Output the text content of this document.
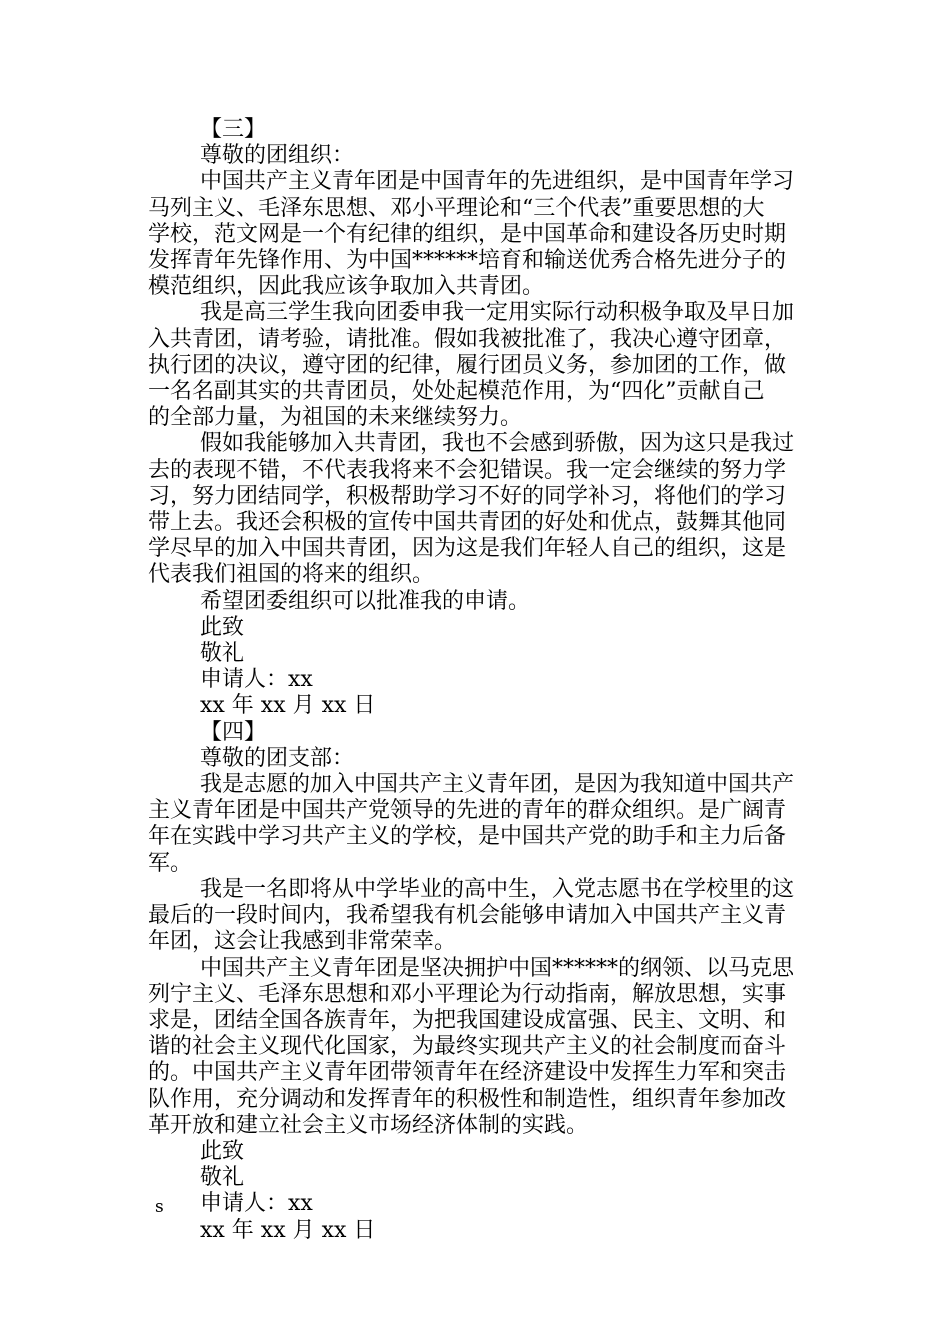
【三】

尊敬的团组织：

中国共产主义青年团是中国青年的先进组织，是中国青年学习
马列主义、毛泽东思想、邓小平理论和“三个代表”重要思想的大
学校，范文网是一个有纪律的组织，是中国革命和建设各历史时期
发挥青年先锋作用、为中国******培育和输送优秀合格先进分子的
模范组织，因此我应该争取加入共青团。

我是高三学生我向团委申我一定用实际行动积极争取及早日加
入共青团，请考验，请批准。假如我被批准了，我决心遵守团章，
执行团的决议，遵守团的纪律，履行团员义务，参加团的工作，做
一名名副其实的共青团员，处处起模范作用，为“四化”贡献自己
的全部力量，为祖国的未来继续努力。

假如我能够加入共青团，我也不会感到骄傲，因为这只是我过
去的表现不错，不代表我将来不会犯错误。我一定会继续的努力学
习，努力团结同学，积极帮助学习不好的同学补习，将他们的学习
带上去。我还会积极的宣传中国共青团的好处和优点，鼓舞其他同
学尽早的加入中国共青团，因为这是我们年轻人自己的组织，这是
代表我们祖国的将来的组织。

希望团委组织可以批准我的申请。

此致

敬礼

申请人：xx

xx 年 xx 月 xx 日

【四】

尊敬的团支部：

我是志愿的加入中国共产主义青年团，是因为我知道中国共产
主义青年团是中国共产党领导的先进的青年的群众组织。是广阔青
年在实践中学习共产主义的学校，是中国共产党的助手和主力后备
军。

我是一名即将从中学毕业的高中生，入党志愿书在学校里的这
最后的一段时间内，我希望我有机会能够申请加入中国共产主义青
年团，这会让我感到非常荣幸。

中国共产主义青年团是坚决拥护中国******的纲领、以马克思
列宁主义、毛泽东思想和邓小平理论为行动指南，解放思想，实事
求是，团结全国各族青年，为把我国建设成富强、民主、文明、和
谐的社会主义现代化国家，为最终实现共产主义的社会制度而奋斗
的。中国共产主义青年团带领青年在经济建设中发挥生力军和突击
队作用，充分调动和发挥青年的积极性和制造性，组织青年参加改
革开放和建立社会主义市场经济体制的实践。

此致

敬礼

申请人：xx

xx 年 xx 月 xx 日

s
